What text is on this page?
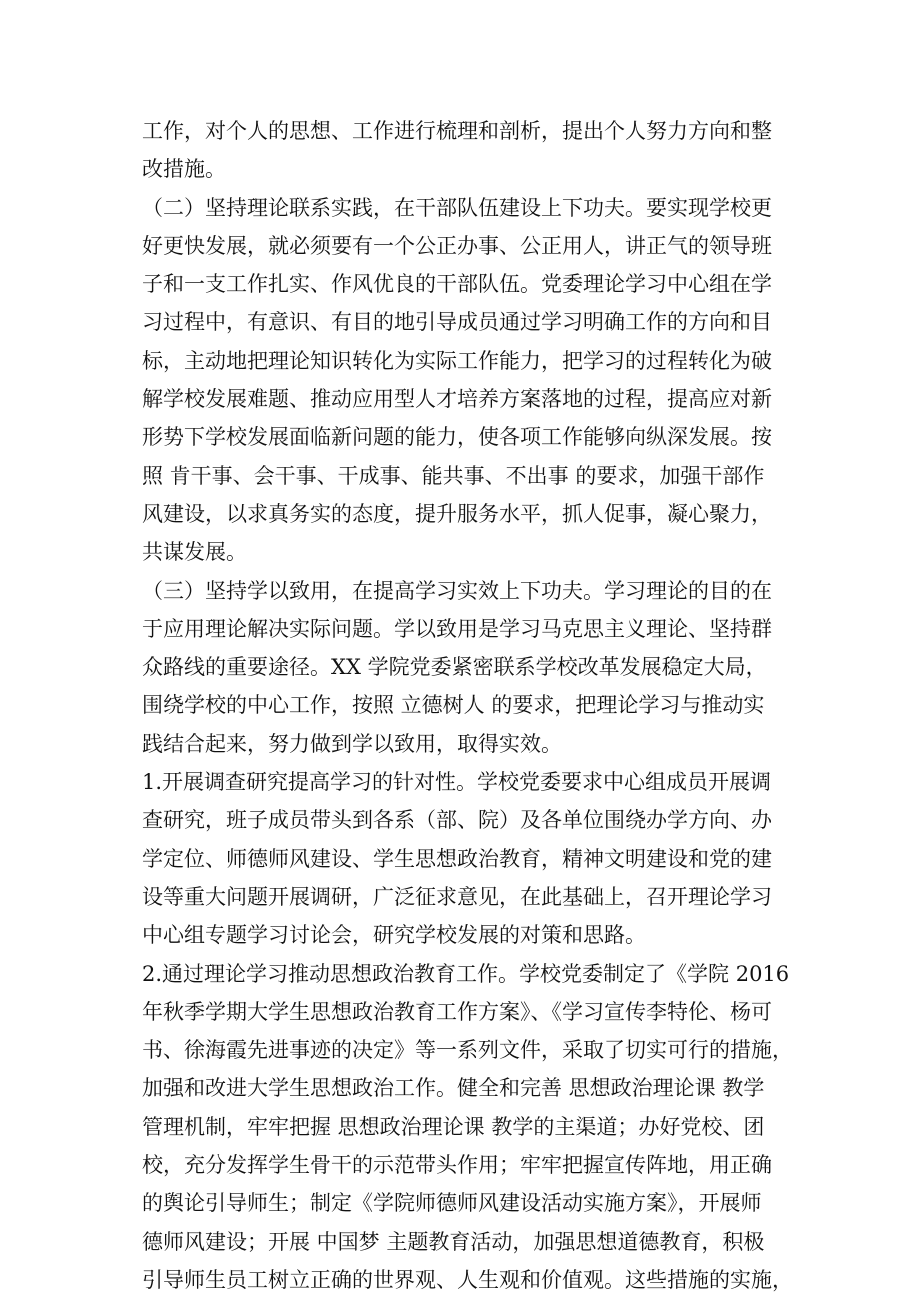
工作，对个人的思想、工作进行梳理和剖析，提出个人努力方向和整
改措施。
（二）坚持理论联系实践，在干部队伍建设上下功夫。要实现学校更
好更快发展，就必须要有一个公正办事、公正用人，讲正气的领导班
子和一支工作扎实、作风优良的干部队伍。党委理论学习中心组在学
习过程中，有意识、有目的地引导成员通过学习明确工作的方向和目
标，主动地把理论知识转化为实际工作能力，把学习的过程转化为破
解学校发展难题、推动应用型人才培养方案落地的过程，提高应对新
形势下学校发展面临新问题的能力，使各项工作能够向纵深发展。按
照 肯干事、会干事、干成事、能共事、不出事 的要求，加强干部作
风建设，以求真务实的态度，提升服务水平，抓人促事，凝心聚力，
共谋发展。
（三）坚持学以致用，在提高学习实效上下功夫。学习理论的目的在
于应用理论解决实际问题。学以致用是学习马克思主义理论、坚持群
众路线的重要途径。XX 学院党委紧密联系学校改革发展稳定大局，
围绕学校的中心工作，按照 立德树人 的要求，把理论学习与推动实
践结合起来，努力做到学以致用，取得实效。
1.开展调查研究提高学习的针对性。学校党委要求中心组成员开展调
查研究，班子成员带头到各系（部、院）及各单位围绕办学方向、办
学定位、师德师风建设、学生思想政治教育，精神文明建设和党的建
设等重大问题开展调研，广泛征求意见，在此基础上，召开理论学习
中心组专题学习讨论会，研究学校发展的对策和思路。
2.通过理论学习推动思想政治教育工作。学校党委制定了《学院 2016
年秋季学期大学生思想政治教育工作方案》、《学习宣传李特伦、杨可
书、徐海霞先进事迹的决定》等一系列文件，采取了切实可行的措施，
加强和改进大学生思想政治工作。健全和完善 思想政治理论课 教学
管理机制，牢牢把握 思想政治理论课 教学的主渠道；办好党校、团
校，充分发挥学生骨干的示范带头作用；牢牢把握宣传阵地，用正确
的舆论引导师生；制定《学院师德师风建设活动实施方案》，开展师
德师风建设；开展 中国梦 主题教育活动，加强思想道德教育，积极
引导师生员工树立正确的世界观、人生观和价值观。这些措施的实施，
